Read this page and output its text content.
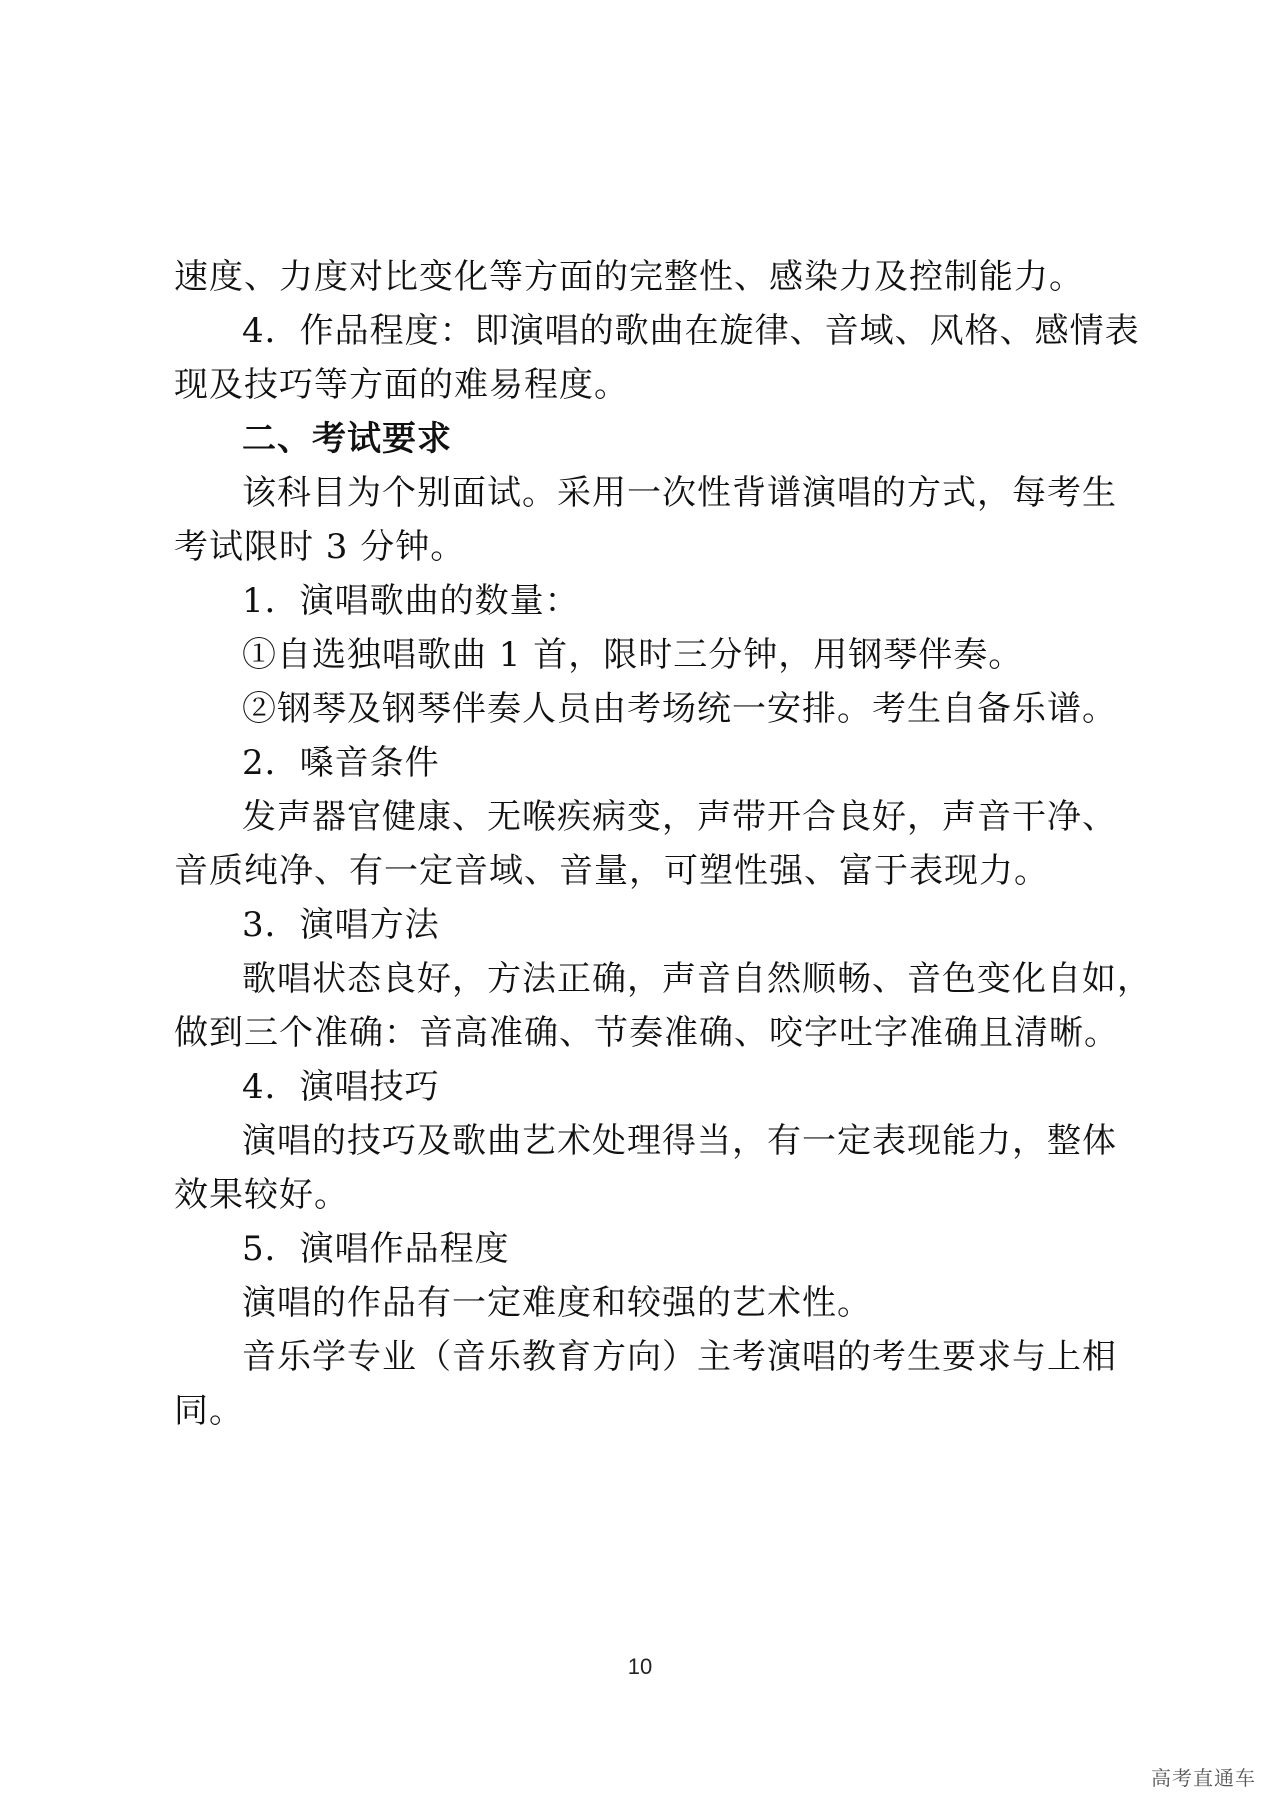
速度、力度对比变化等方面的完整性、感染力及控制能力。
4．作品程度：即演唱的歌曲在旋律、音域、风格、感情表
现及技巧等方面的难易程度。
二、考试要求
该科目为个别面试。采用一次性背谱演唱的方式，每考生
考试限时 3 分钟。
1．演唱歌曲的数量：
①自选独唱歌曲 1 首，限时三分钟，用钢琴伴奏。
②钢琴及钢琴伴奏人员由考场统一安排。考生自备乐谱。
2．嗓音条件
发声器官健康、无喉疾病变，声带开合良好，声音干净、
音质纯净、有一定音域、音量，可塑性强、富于表现力。
3．演唱方法
歌唱状态良好，方法正确，声音自然顺畅、音色变化自如，
做到三个准确：音高准确、节奏准确、咬字吐字准确且清晰。
4．演唱技巧
演唱的技巧及歌曲艺术处理得当，有一定表现能力，整体
效果较好。
5．演唱作品程度
演唱的作品有一定难度和较强的艺术性。
音乐学专业（音乐教育方向）主考演唱的考生要求与上相
同。
10
高考直通车
